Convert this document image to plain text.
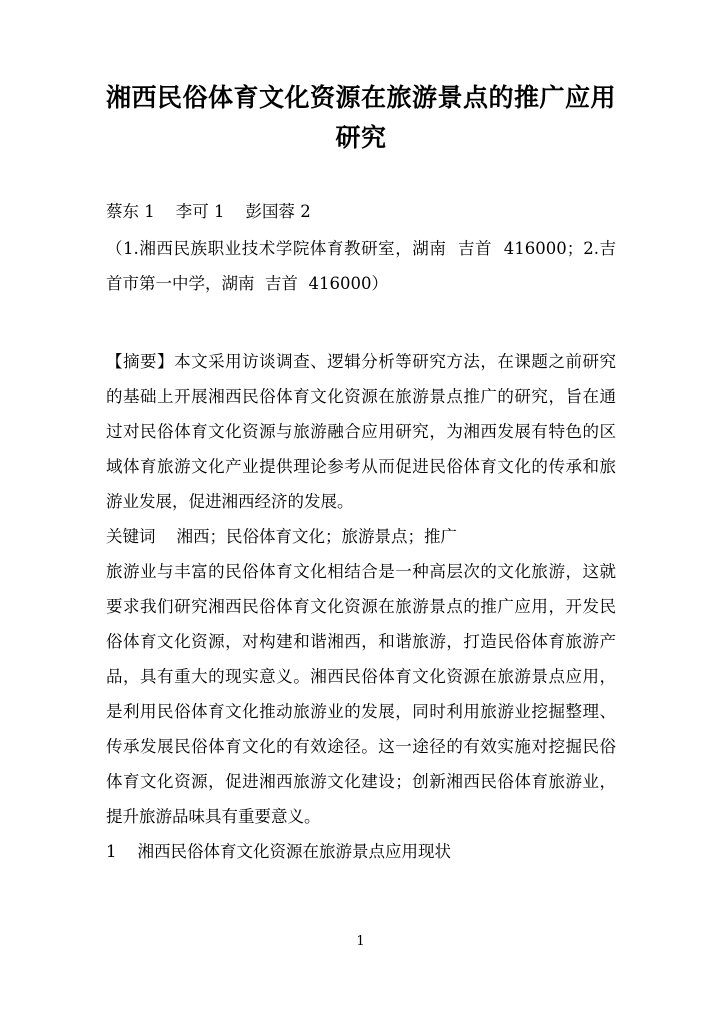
湘西民俗体育文化资源在旅游景点的推广应用研究
蔡东 1    李可 1    彭国蓉 2
（1.湘西民族职业技术学院体育教研室，湖南  吉首  416000；2.吉首市第一中学，湖南  吉首  416000）
【摘要】本文采用访谈调查、逻辑分析等研究方法，在课题之前研究的基础上开展湘西民俗体育文化资源在旅游景点推广的研究，旨在通过对民俗体育文化资源与旅游融合应用研究，为湘西发展有特色的区域体育旅游文化产业提供理论参考从而促进民俗体育文化的传承和旅游业发展，促进湘西经济的发展。
关键词    湘西；民俗体育文化；旅游景点；推广
旅游业与丰富的民俗体育文化相结合是一种高层次的文化旅游，这就要求我们研究湘西民俗体育文化资源在旅游景点的推广应用，开发民俗体育文化资源，对构建和谐湘西，和谐旅游，打造民俗体育旅游产品，具有重大的现实意义。湘西民俗体育文化资源在旅游景点应用，是利用民俗体育文化推动旅游业的发展，同时利用旅游业挖掘整理、传承发展民俗体育文化的有效途径。这一途径的有效实施对挖掘民俗体育文化资源，促进湘西旅游文化建设；创新湘西民俗体育旅游业，提升旅游品味具有重要意义。
1    湘西民俗体育文化资源在旅游景点应用现状
1
